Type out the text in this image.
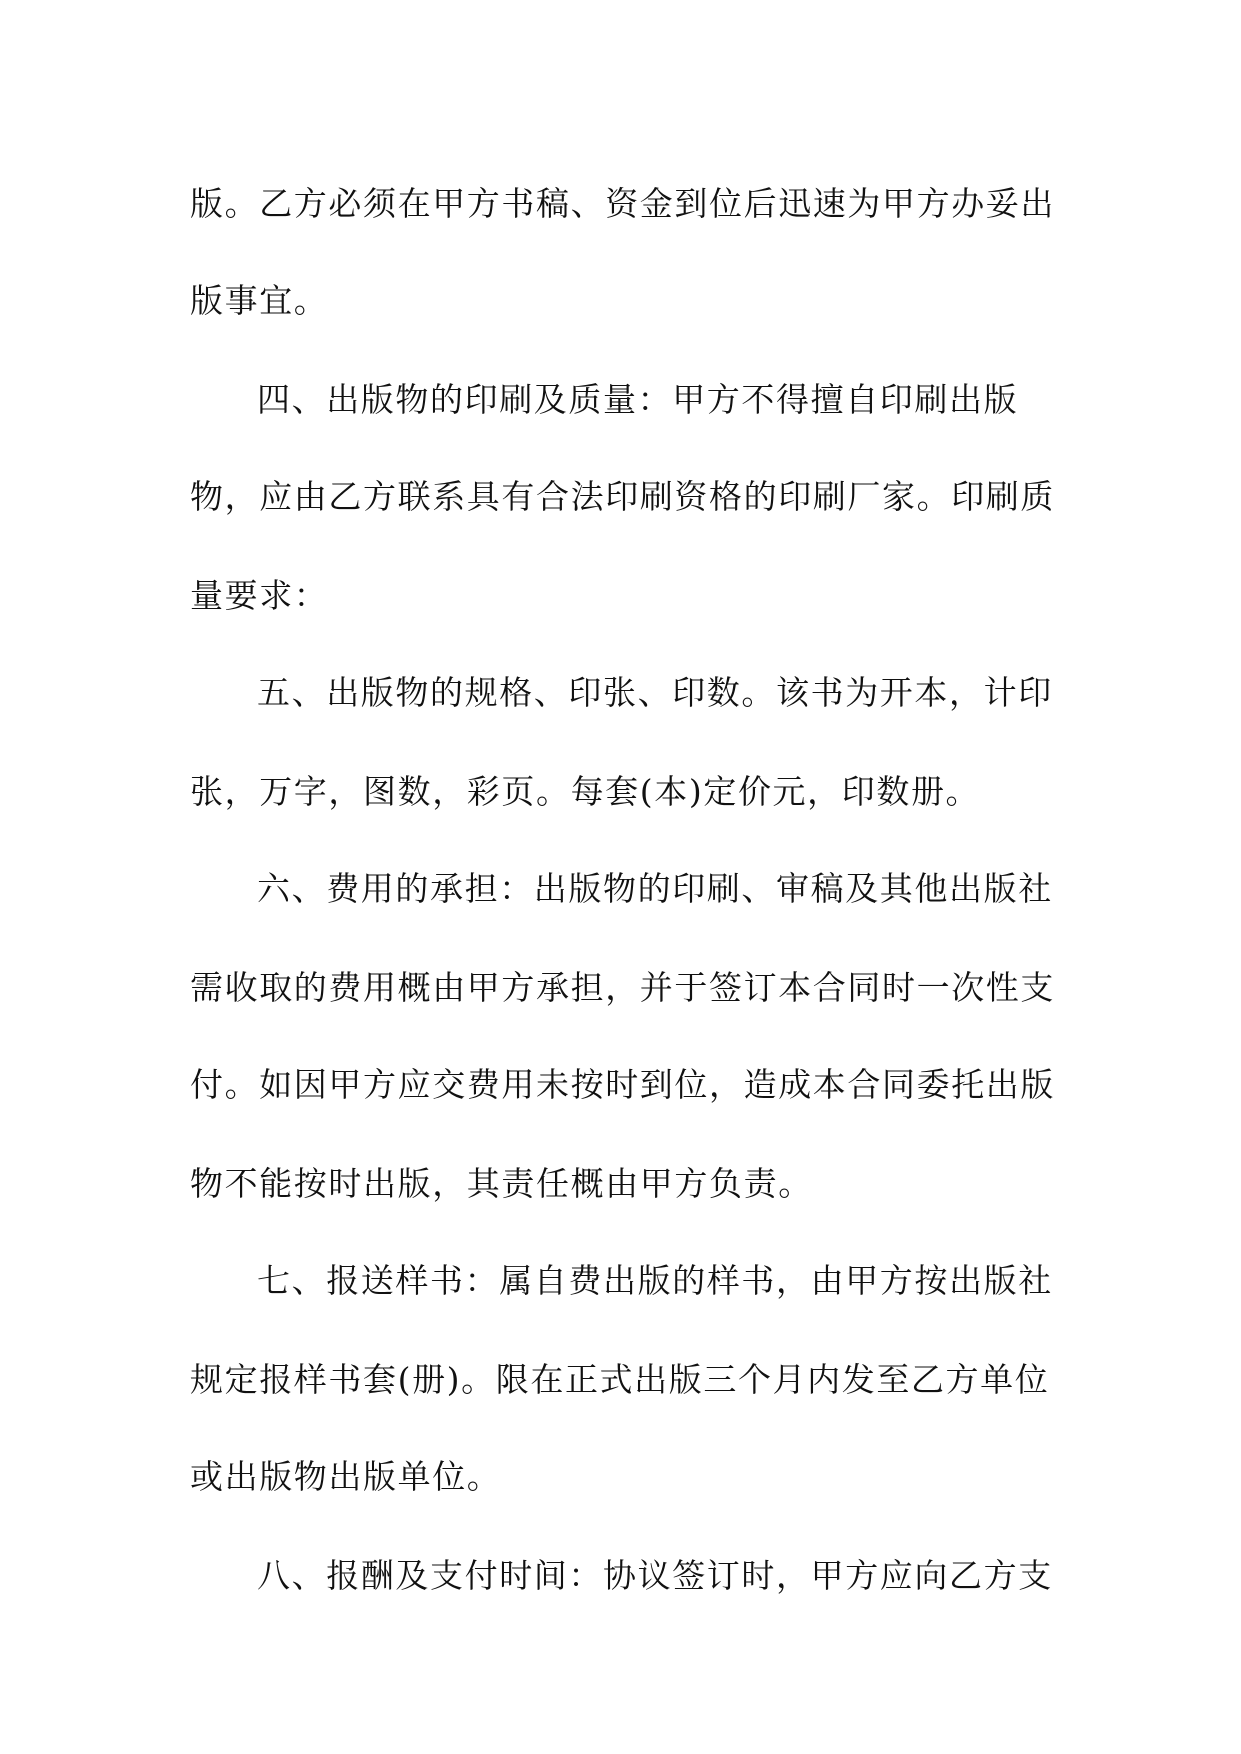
版。乙方必须在甲方书稿、资金到位后迅速为甲方办妥出
版事宜。
四、出版物的印刷及质量：甲方不得擅自印刷出版
物，应由乙方联系具有合法印刷资格的印刷厂家。印刷质
量要求：
五、出版物的规格、印张、印数。该书为开本，计印
张，万字，图数，彩页。每套(本)定价元，印数册。
六、费用的承担：出版物的印刷、审稿及其他出版社
需收取的费用概由甲方承担，并于签订本合同时一次性支
付。如因甲方应交费用未按时到位，造成本合同委托出版
物不能按时出版，其责任概由甲方负责。
七、报送样书：属自费出版的样书，由甲方按出版社
规定报样书套(册)。限在正式出版三个月内发至乙方单位
或出版物出版单位。
八、报酬及支付时间：协议签订时，甲方应向乙方支
